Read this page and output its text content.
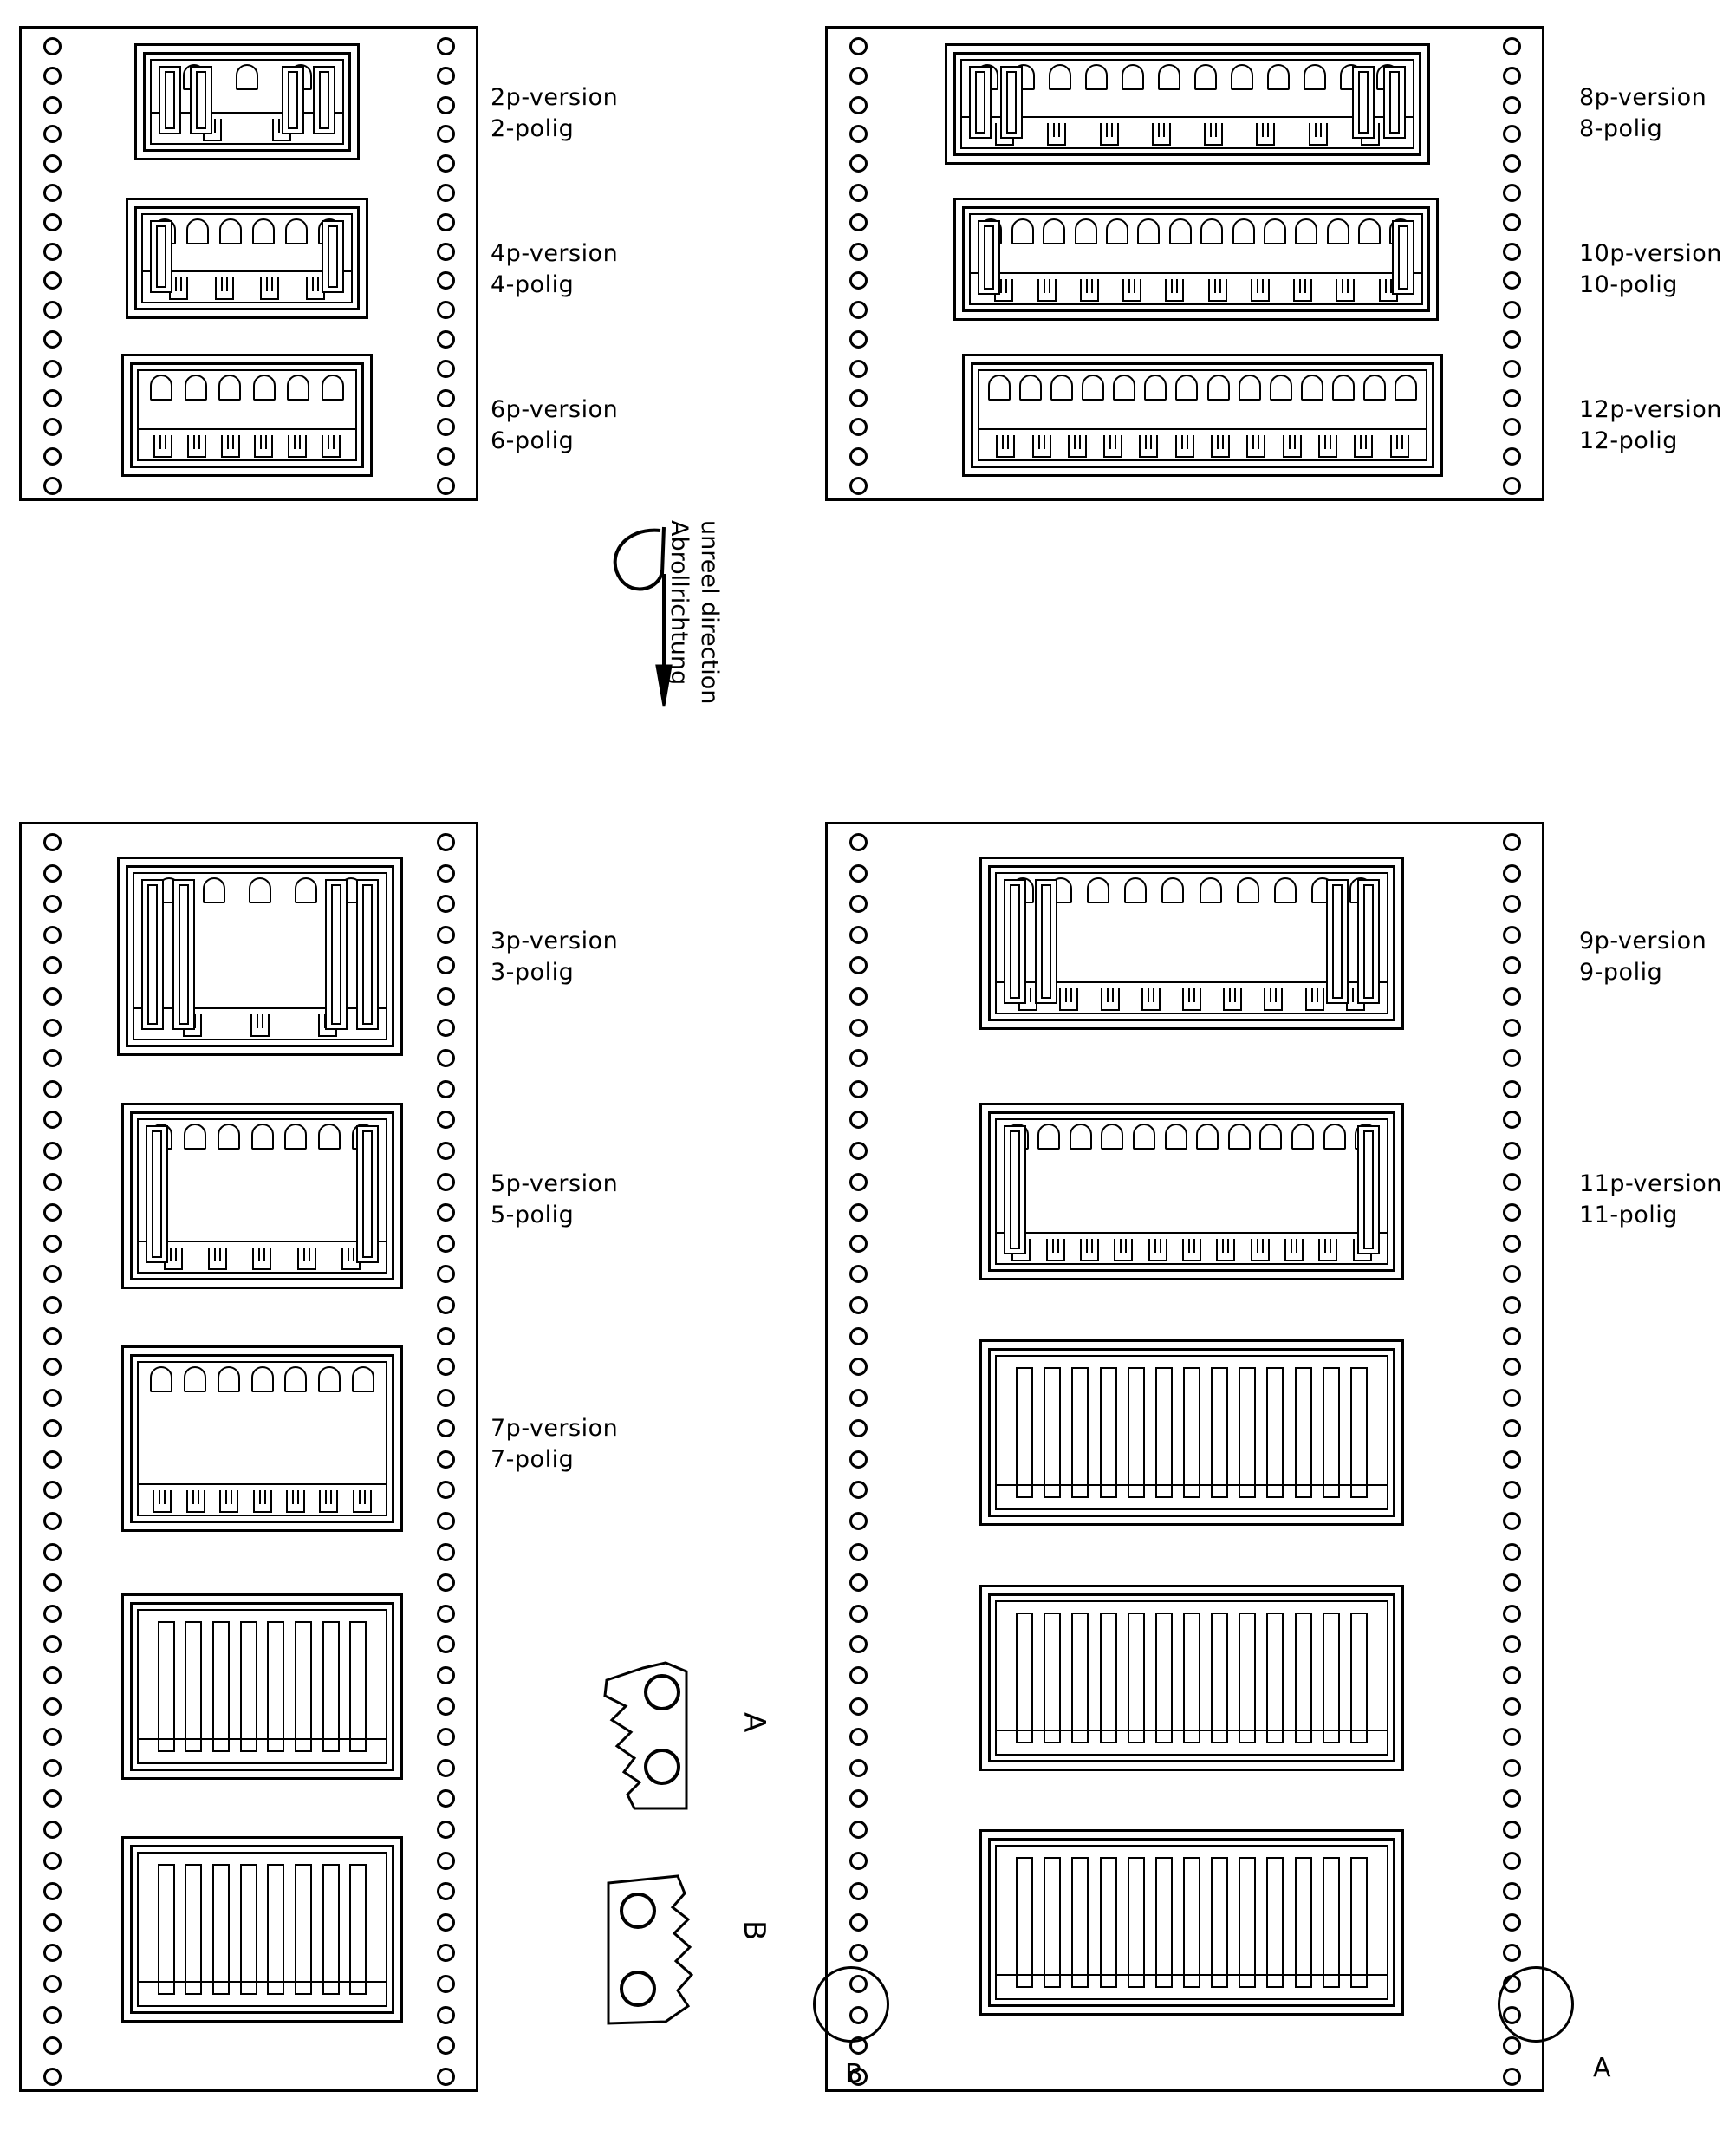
2p-version
2-polig
4p-version
4-polig
6p-version
6-polig
8p-version
8-polig
10p-version
10-polig
12p-version
12-polig
3p-version
3-polig
5p-version
5-polig
7p-version
7-polig
9p-version
9-polig
11p-version
11-polig
unreel direction
Abrollrichtung
A
B
B	A
